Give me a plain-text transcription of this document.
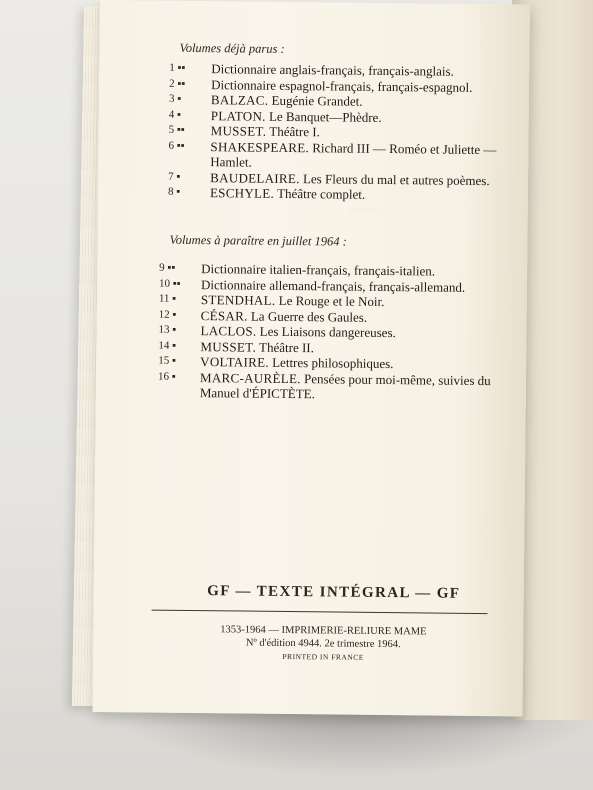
········
Volumes déjà parus :
1 ▪▪ Dictionnaire anglais-français, français-anglais.
2 ▪▪ Dictionnaire espagnol-français, français-espagnol.
3 ▪ BALZAC. Eugénie Grandet.
4 ▪ PLATON. Le Banquet—Phèdre.
5 ▪▪ MUSSET. Théâtre I.
6 ▪▪ SHAKESPEARE. Richard III — Roméo et Juliette — Hamlet.
7 ▪ BAUDELAIRE. Les Fleurs du mal et autres poèmes.
8 ▪ ESCHYLE. Théâtre complet.
Volumes à paraître en juillet 1964 :
9 ▪▪ Dictionnaire italien-français, français-italien.
10 ▪▪ Dictionnaire allemand-français, français-allemand.
11 ▪ STENDHAL. Le Rouge et le Noir.
12 ▪ CÉSAR. La Guerre des Gaules.
13 ▪ LACLOS. Les Liaisons dangereuses.
14 ▪ MUSSET. Théâtre II.
15 ▪ VOLTAIRE. Lettres philosophiques.
16 ▪ MARC-AURÈLE. Pensées pour moi-même, suivies du Manuel d'ÉPICTÈTE.
GF — TEXTE INTÉGRAL — GF
1353-1964 — IMPRIMERIE-RELIURE MAME
Nº d'édition 4944. 2e trimestre 1964.
PRINTED IN FRANCE
